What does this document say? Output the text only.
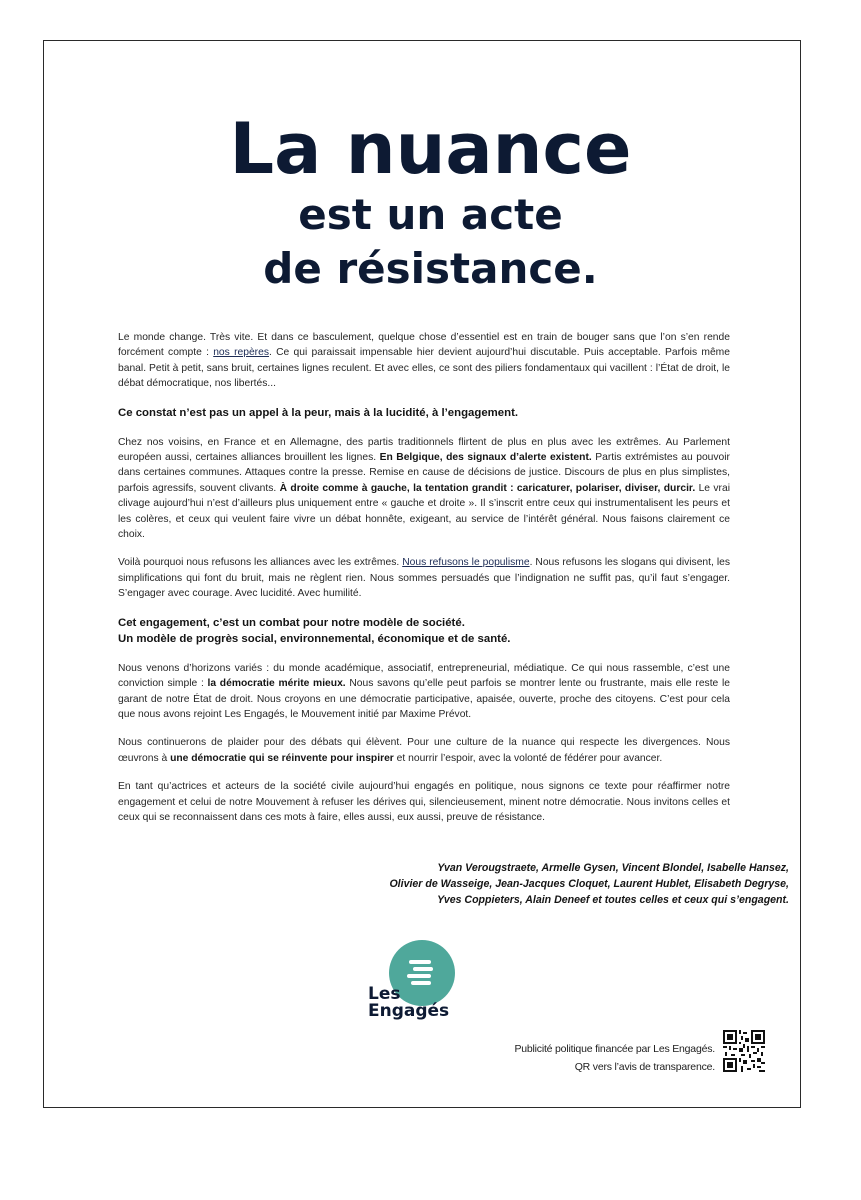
La nuance
est un acte
de résistance.

Le monde change. Très vite. Et dans ce basculement, quelque chose d’essentiel est en train de bouger sans que l’on s’en rende forcément compte : nos repères. Ce qui paraissait impensable hier devient aujourd’hui discutable. Puis acceptable. Parfois même banal. Petit à petit, sans bruit, certaines lignes reculent. Et avec elles, ce sont des piliers fondamentaux qui vacillent : l’État de droit, le débat démocratique, nos libertés...

Ce constat n’est pas un appel à la peur, mais à la lucidité, à l’engagement.

Chez nos voisins, en France et en Allemagne, des partis traditionnels flirtent de plus en plus avec les extrêmes. Au Parlement européen aussi, certaines alliances brouillent les lignes. En Belgique, des signaux d’alerte existent. Partis extrémistes au pouvoir dans certaines communes. Attaques contre la presse. Remise en cause de décisions de justice. Discours de plus en plus simplistes, parfois agressifs, souvent clivants. À droite comme à gauche, la tentation grandit : caricaturer, polariser, diviser, durcir. Le vrai clivage aujourd’hui n’est d’ailleurs plus uniquement entre « gauche et droite ». Il s’inscrit entre ceux qui instrumentalisent les peurs et les colères, et ceux qui veulent faire vivre un débat honnête, exigeant, au service de l’intérêt général. Nous faisons clairement ce choix.

Voilà pourquoi nous refusons les alliances avec les extrêmes. Nous refusons le populisme. Nous refusons les slogans qui divisent, les simplifications qui font du bruit, mais ne règlent rien. Nous sommes persuadés que l’indignation ne suffit pas, qu’il faut s’engager. S’engager avec courage. Avec lucidité. Avec humilité.

Cet engagement, c’est un combat pour notre modèle de société.
Un modèle de progrès social, environnemental, économique et de santé.

Nous venons d’horizons variés : du monde académique, associatif, entrepreneurial, médiatique. Ce qui nous rassemble, c’est une conviction simple : la démocratie mérite mieux. Nous savons qu’elle peut parfois se montrer lente ou frustrante, mais elle reste le garant de notre État de droit. Nous croyons en une démocratie participative, apaisée, ouverte, proche des citoyens. C’est pour cela que nous avons rejoint Les Engagés, le Mouvement initié par Maxime Prévot.

Nous continuerons de plaider pour des débats qui élèvent. Pour une culture de la nuance qui respecte les divergences. Nous œuvrons à une démocratie qui se réinvente pour inspirer et nourrir l’espoir, avec la volonté de fédérer pour avancer.

En tant qu’actrices et acteurs de la société civile aujourd’hui engagés en politique, nous signons ce texte pour réaffirmer notre engagement et celui de notre Mouvement à refuser les dérives qui, silencieusement, minent notre démocratie. Nous invitons celles et ceux qui se reconnaissent dans ces mots à faire, elles aussi, eux aussi, preuve de résistance.

Yvan Verougstraete, Armelle Gysen, Vincent Blondel, Isabelle Hansez,
Olivier de Wasseige, Jean-Jacques Cloquet, Laurent Hublet, Elisabeth Degryse,
Yves Coppieters, Alain Deneef et toutes celles et ceux qui s’engagent.
Les
Engagés
Publicité politique financée par Les Engagés.
QR vers l’avis de transparence.
